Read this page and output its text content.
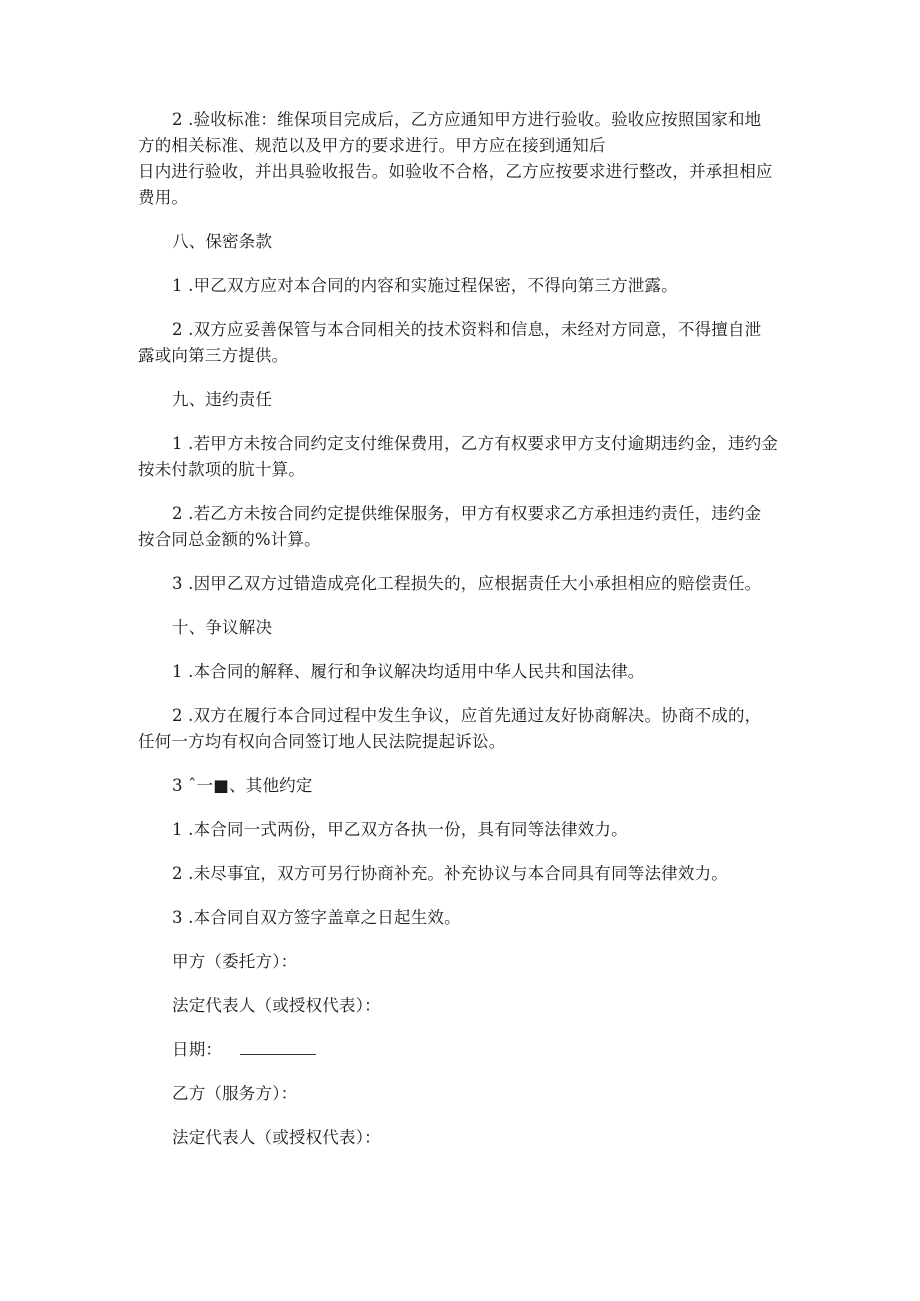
2 .验收标准：维保项目完成后，乙方应通知甲方进行验收。验收应按照国家和地
方的相关标准、规范以及甲方的要求进行。甲方应在接到通知后
日内进行验收，并出具验收报告。如验收不合格，乙方应按要求进行整改，并承担相应
费用。

八、保密条款

1 .甲乙双方应对本合同的内容和实施过程保密，不得向第三方泄露。

2 .双方应妥善保管与本合同相关的技术资料和信息，未经对方同意，不得擅自泄
露或向第三方提供。

九、违约责任

1 .若甲方未按合同约定支付维保费用，乙方有权要求甲方支付逾期违约金，违约金
按未付款项的肮十算。

2 .若乙方未按合同约定提供维保服务，甲方有权要求乙方承担违约责任，违约金
按合同总金额的%计算。

3 .因甲乙双方过错造成亮化工程损失的，应根据责任大小承担相应的赔偿责任。

十、争议解决

1 .本合同的解释、履行和争议解决均适用中华人民共和国法律。

2 .双方在履行本合同过程中发生争议，应首先通过友好协商解决。协商不成的，
任何一方均有权向合同签订地人民法院提起诉讼。

3 ˆ一■、其他约定

1 .本合同一式两份，甲乙双方各执一份，具有同等法律效力。

2 .未尽事宜，双方可另行协商补充。补充协议与本合同具有同等法律效力。

3 .本合同自双方签字盖章之日起生效。

甲方（委托方）：

法定代表人（或授权代表）：

日期：

乙方（服务方）：

法定代表人（或授权代表）：
